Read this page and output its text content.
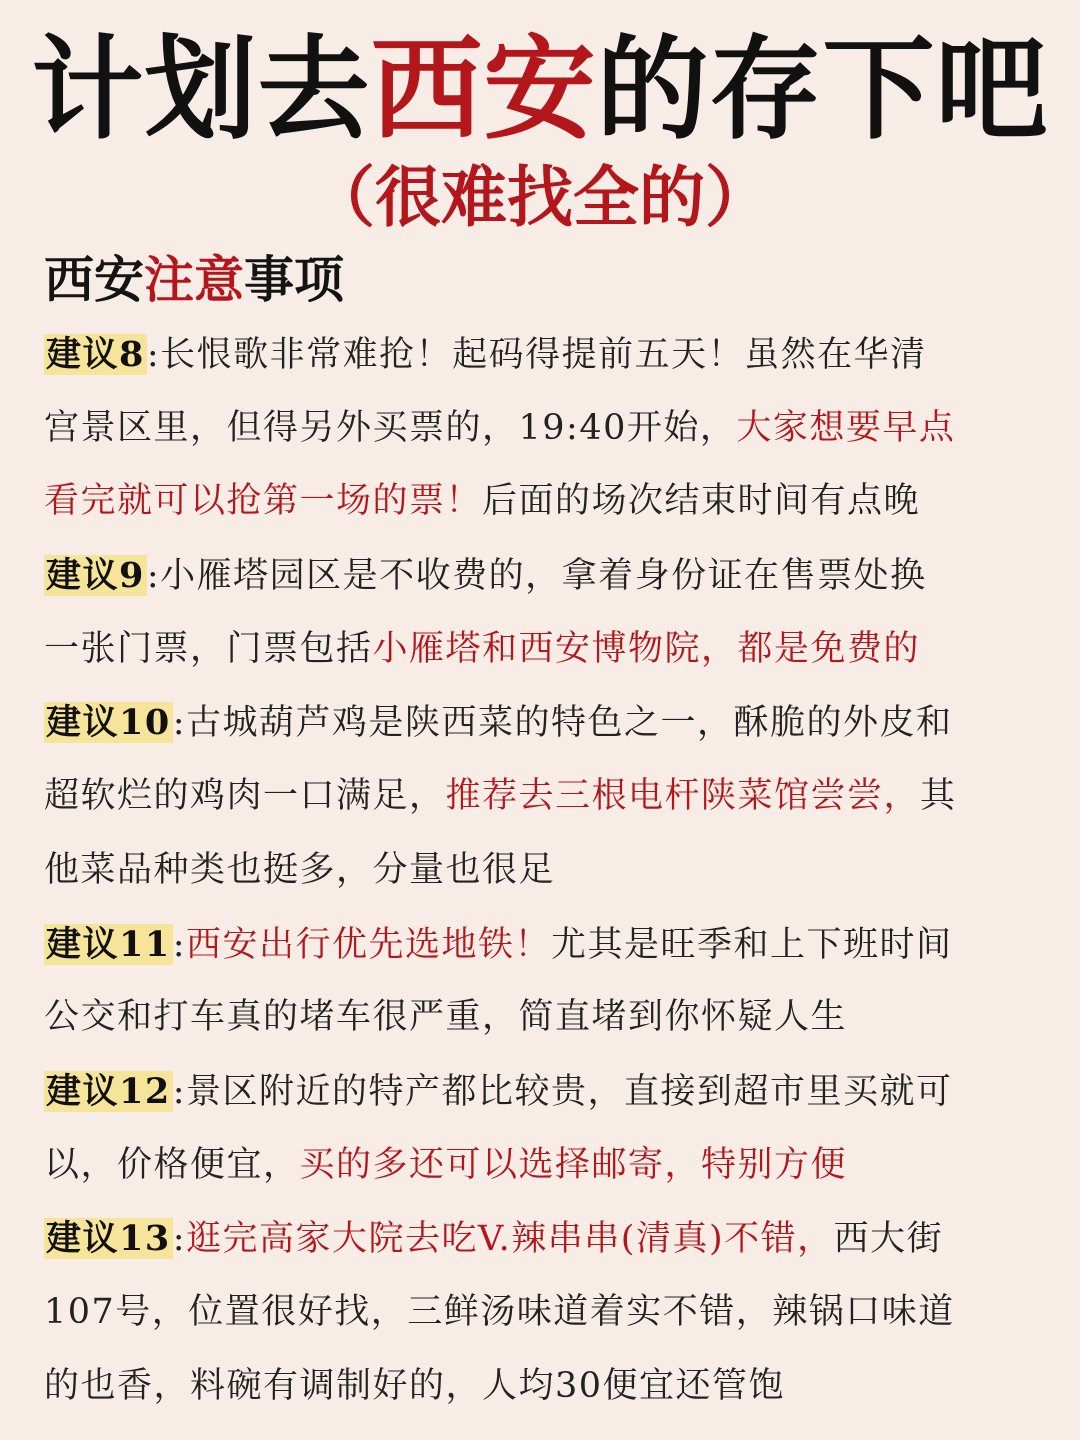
计划去西安的存下吧
（很难找全的）
西安注意事项
建议8:长恨歌非常难抢！起码得提前五天！虽然在华清
宫景区里，但得另外买票的，19:40开始，大家想要早点
看完就可以抢第一场的票！后面的场次结束时间有点晚
建议9:小雁塔园区是不收费的，拿着身份证在售票处换
一张门票，门票包括小雁塔和西安博物院，都是免费的
建议10:古城葫芦鸡是陕西菜的特色之一，酥脆的外皮和
超软烂的鸡肉一口满足，推荐去三根电杆陕菜馆尝尝，其
他菜品种类也挺多，分量也很足
建议11:西安出行优先选地铁！尤其是旺季和上下班时间
公交和打车真的堵车很严重，简直堵到你怀疑人生
建议12:景区附近的特产都比较贵，直接到超市里买就可
以，价格便宜，买的多还可以选择邮寄，特别方便
建议13:逛完高家大院去吃V.辣串串(清真)不错，西大街
107号，位置很好找，三鲜汤味道着实不错，辣锅口味道
的也香，料碗有调制好的，人均30便宜还管饱
